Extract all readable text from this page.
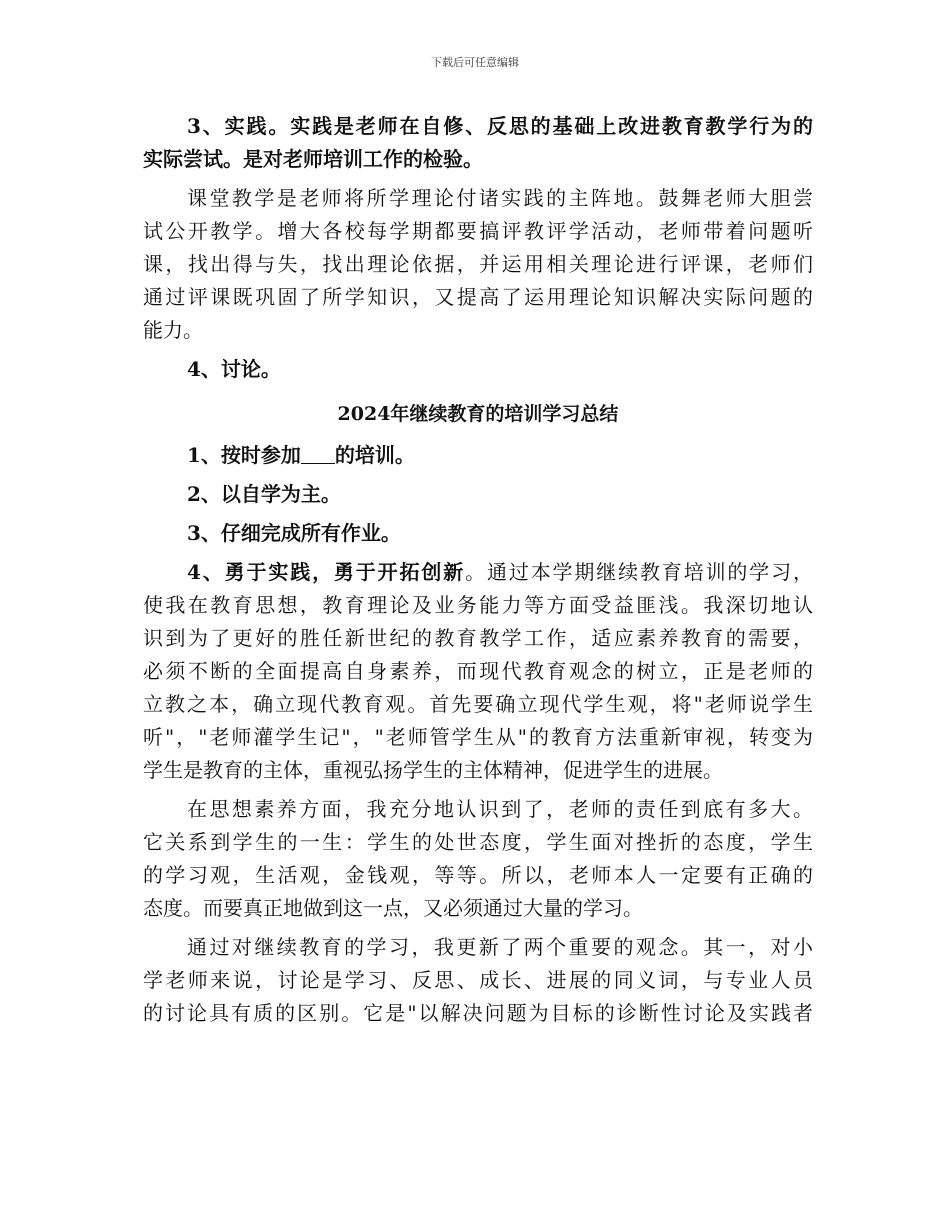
下载后可任意编辑
3、实践。实践是老师在自修、反思的基础上改进教育教学行为的
实际尝试。是对老师培训工作的检验。
课堂教学是老师将所学理论付诸实践的主阵地。鼓舞老师大胆尝
试公开教学。增大各校每学期都要搞评教评学活动，老师带着问题听
课，找出得与失，找出理论依据，并运用相关理论进行评课，老师们
通过评课既巩固了所学知识，又提高了运用理论知识解决实际问题的
能力。
4、讨论。
2024年继续教育的培训学习总结
1、按时参加 的培训。
2、以自学为主。
3、仔细完成所有作业。
4、勇于实践，勇于开拓创新。通过本学期继续教育培训的学习，
使我在教育思想，教育理论及业务能力等方面受益匪浅。我深切地认
识到为了更好的胜任新世纪的教育教学工作，适应素养教育的需要，
必须不断的全面提高自身素养，而现代教育观念的树立，正是老师的
立教之本，确立现代教育观。首先要确立现代学生观，将"老师说学生
听"，"老师灌学生记"，"老师管学生从"的教育方法重新审视，转变为
学生是教育的主体，重视弘扬学生的主体精神，促进学生的进展。
在思想素养方面，我充分地认识到了，老师的责任到底有多大。
它关系到学生的一生：学生的处世态度，学生面对挫折的态度，学生
的学习观，生活观，金钱观，等等。所以，老师本人一定要有正确的
态度。而要真正地做到这一点，又必须通过大量的学习。
通过对继续教育的学习，我更新了两个重要的观念。其一，对小
学老师来说，讨论是学习、反思、成长、进展的同义词，与专业人员
的讨论具有质的区别。它是"以解决问题为目标的诊断性讨论及实践者
